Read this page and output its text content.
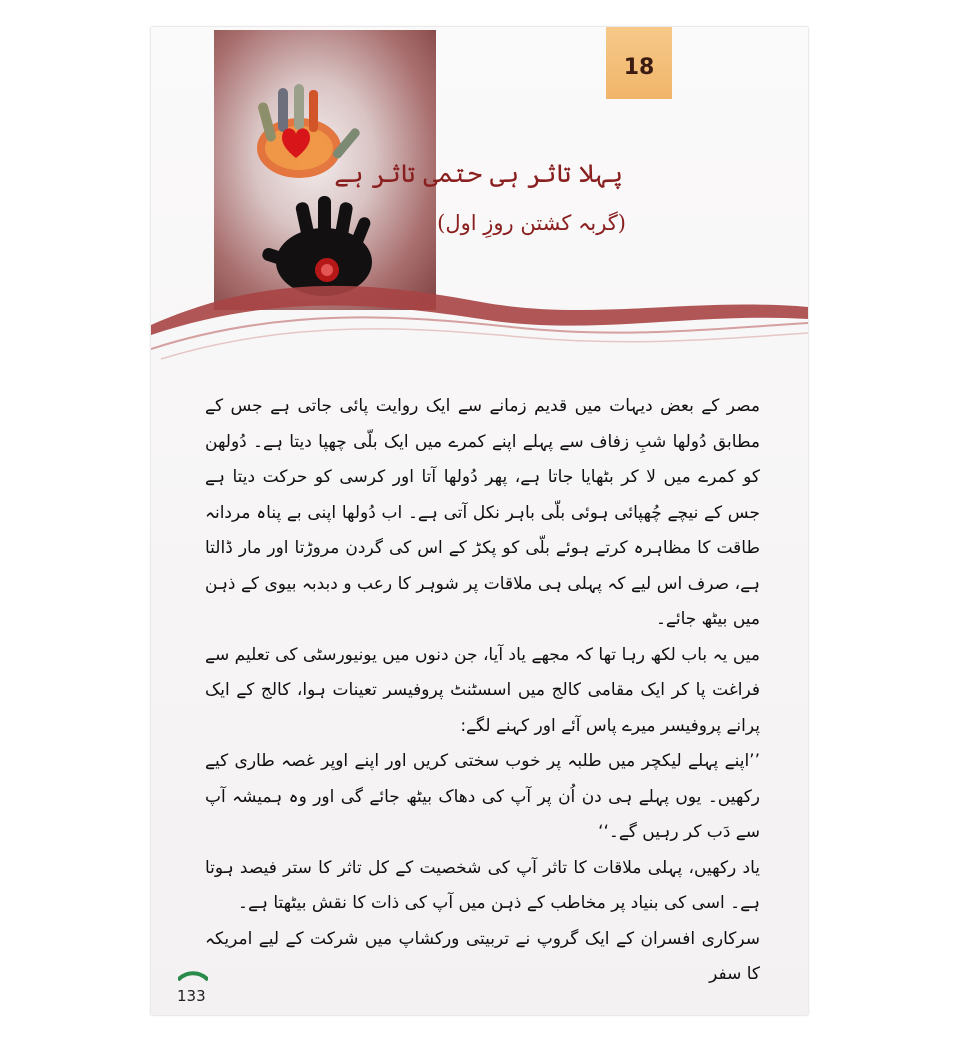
18
پہلا تاثر ہی حتمی تاثر ہے
(گربہ کشتن روزِ اول)

مصر کے بعض دیہات میں قدیم زمانے سے ایک روایت پائی جاتی ہے جس کے مطابق دُولھا شبِ زفاف سے پہلے اپنے کمرے میں ایک بلّی چھپا دیتا ہے۔ دُولھن کو کمرے میں لا کر بٹھایا جاتا ہے، پھر دُولھا آتا اور کرسی کو حرکت دیتا ہے جس کے نیچے چُھپائی ہوئی بلّی باہر نکل آتی ہے۔ اب دُولھا اپنی بے پناہ مردانہ طاقت کا مظاہرہ کرتے ہوئے بلّی کو پکڑ کے اس کی گردن مروڑتا اور مار ڈالتا ہے، صرف اس لیے کہ پہلی ہی ملاقات پر شوہر کا رعب و دبدبہ بیوی کے ذہن میں بیٹھ جائے۔

میں یہ باب لکھ رہا تھا کہ مجھے یاد آیا، جن دنوں میں یونیورسٹی کی تعلیم سے فراغت پا کر ایک مقامی کالج میں اسسٹنٹ پروفیسر تعینات ہوا، کالج کے ایک پرانے پروفیسر میرے پاس آئے اور کہنے لگے:

’’اپنے پہلے لیکچر میں طلبہ پر خوب سختی کریں اور اپنے اوپر غصہ طاری کیے رکھیں۔ یوں پہلے ہی دن اُن پر آپ کی دھاک بیٹھ جائے گی اور وہ ہمیشہ آپ سے دَب کر رہیں گے۔‘‘

یاد رکھیں، پہلی ملاقات کا تاثر آپ کی شخصیت کے کل تاثر کا ستر فیصد ہوتا ہے۔ اسی کی بنیاد پر مخاطب کے ذہن میں آپ کی ذات کا نقش بیٹھتا ہے۔

سرکاری افسران کے ایک گروپ نے تربیتی ورکشاپ میں شرکت کے لیے امریکہ کا سفر

133
